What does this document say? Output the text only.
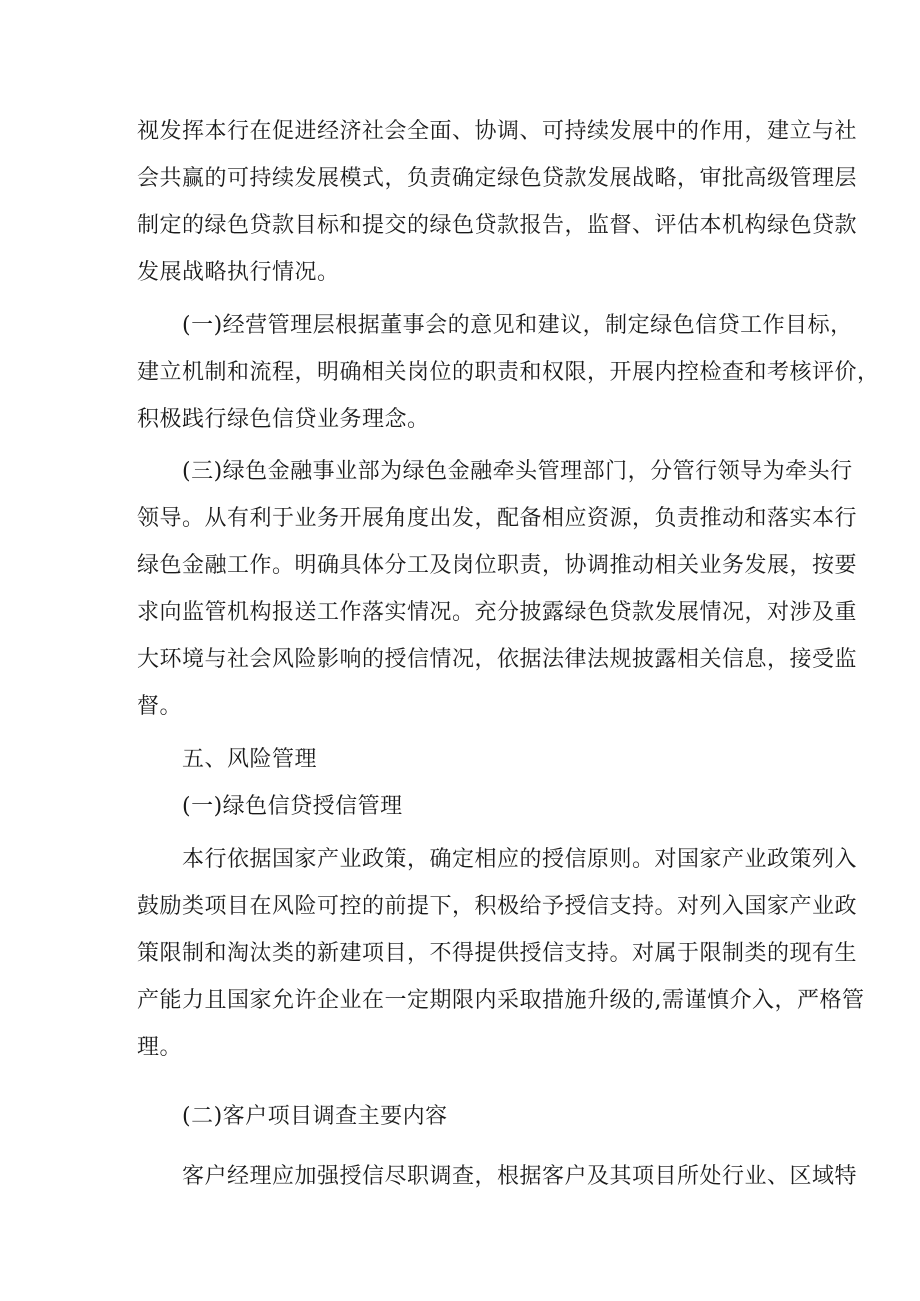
视发挥本行在促进经济社会全面、协调、可持续发展中的作用，建立与社
会共赢的可持续发展模式，负责确定绿色贷款发展战略，审批高级管理层
制定的绿色贷款目标和提交的绿色贷款报告，监督、评估本机构绿色贷款
发展战略执行情况。
(一)经营管理层根据董事会的意见和建议，制定绿色信贷工作目标，
建立机制和流程，明确相关岗位的职责和权限，开展内控检查和考核评价，
积极践行绿色信贷业务理念。
(三)绿色金融事业部为绿色金融牵头管理部门，分管行领导为牵头行
领导。从有利于业务开展角度出发，配备相应资源，负责推动和落实本行
绿色金融工作。明确具体分工及岗位职责，协调推动相关业务发展，按要
求向监管机构报送工作落实情况。充分披露绿色贷款发展情况，对涉及重
大环境与社会风险影响的授信情况，依据法律法规披露相关信息，接受监
督。
五、风险管理
(一)绿色信贷授信管理
本行依据国家产业政策，确定相应的授信原则。对国家产业政策列入
鼓励类项目在风险可控的前提下，积极给予授信支持。对列入国家产业政
策限制和淘汰类的新建项目，不得提供授信支持。对属于限制类的现有生
产能力且国家允许企业在一定期限内采取措施升级的,需谨慎介入，严格管
理。
(二)客户项目调查主要内容
客户经理应加强授信尽职调查，根据客户及其项目所处行业、区域特
